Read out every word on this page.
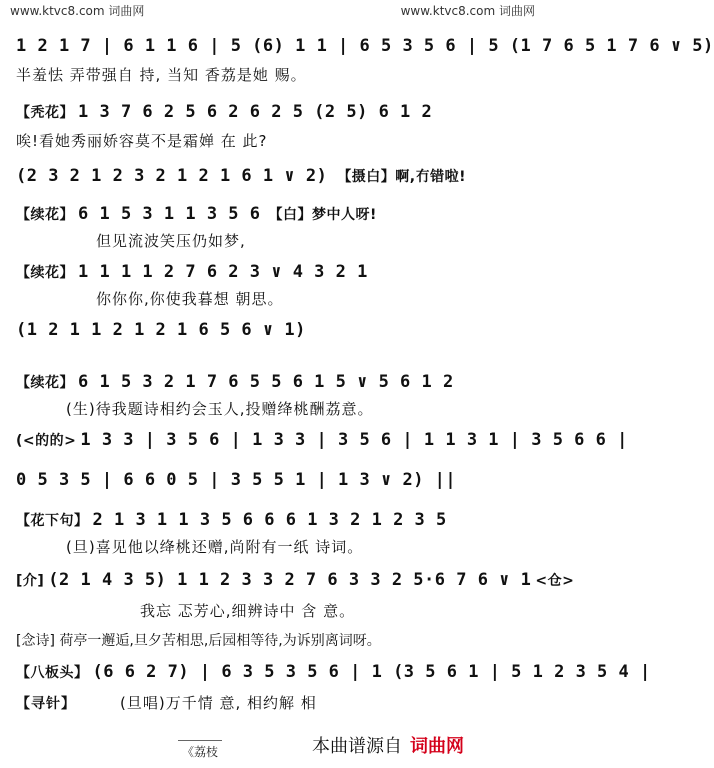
www.ktvc8.com 词曲网	www.ktvc8.com 词曲网
1 2 1 7 | 6 1 1 6 | 5 (6) 1 1 | 6 5 3 5 6 | 5 (1 7 6 5 1 7 6 ∨ 5)
半羞怯 弄带强自 持, 当知 香荔是她 赐。
【秃花】 1 3 7 6 2 5 6 2 6 2 5 (2 5) 6 1 2
唉!看她秀丽娇容莫不是霜婵 在 此?
(2 3 2 1 2 3 2 1 2 1 6 1 ∨ 2) 【摄白】啊,冇错啦!
【续花】 6 1 5 3 1 1 3 5 6 【白】梦中人呀!
但见流波笑压仍如梦,
【续花】 1 1 1 1 2 7 6 2 3 ∨ 4 3 2 1
你你你,你使我暮想 朝思。
(1 2 1 1 2 1 2 1 6 5 6 ∨ 1)
【续花】 6 1 5 3 2 1 7 6 5 5 6 1 5 ∨ 5 6 1 2
(生)待我题诗相约会玉人,投赠绛桃酬荔意。
(<的的> 1 3 3 | 3 5 6 | 1 3 3 | 3 5 6 | 1 1 3 1 | 3 5 6 6 |
0 5 3 5 | 6 6 0 5 | 3 5 5 1 | 1 3 ∨ 2) ||
【花下句】 2 1 3 1 1 3 5 6 6 6 1 3 2 1 2 3 5
(旦)喜见他以绛桃还赠,尚附有一纸 诗词。
[介] (2 1 4 3 5) 1 1 2 3 3 2 7 6 3 3 2 5·6 7 6 ∨ 1 <仓>
我忘 忑芳心,细辨诗中 含 意。
[念诗] 荷亭一邂逅,旦夕苦相思,后园相等待,为诉别离词呀。
【八板头】 (6 6 2 7) | 6 3 5 3 5 6 | 1 (3 5 6 1 | 5 1 2 3 5 4 |
【寻针】	(旦唱)万千情 意, 相约解 相
《荔枝	本曲谱源自 词曲网
